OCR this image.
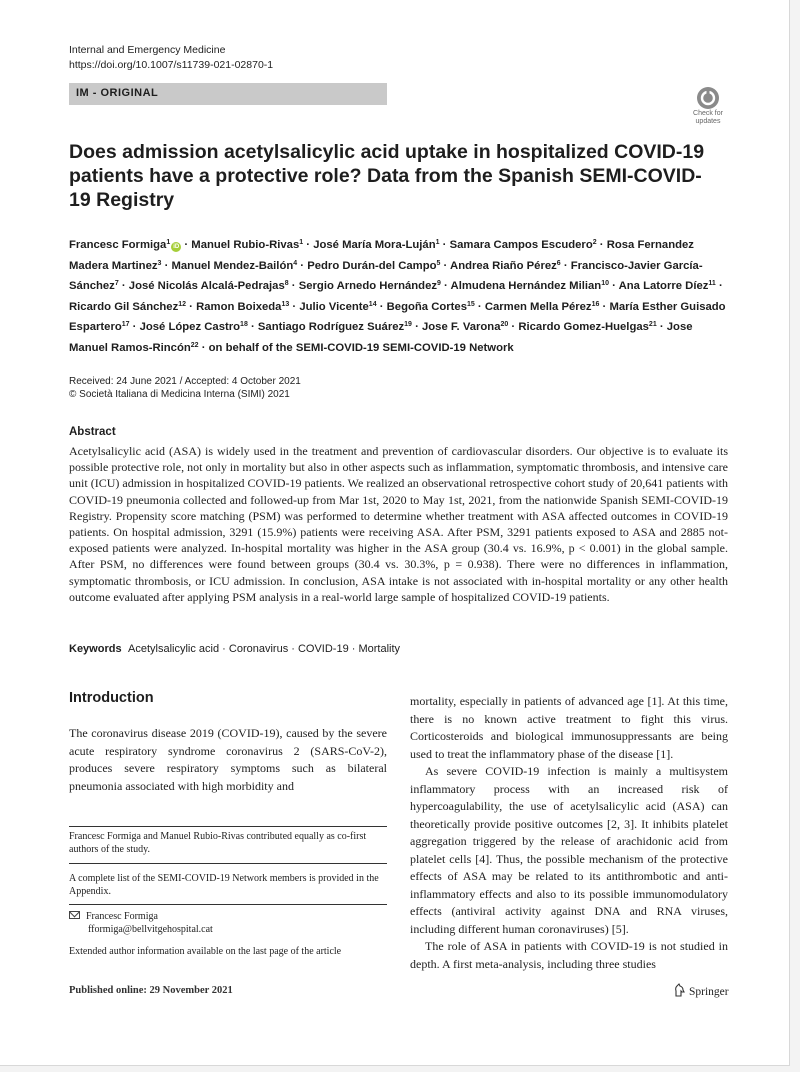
Internal and Emergency Medicine
https://doi.org/10.1007/s11739-021-02870-1
IM - ORIGINAL
Check for updates
Does admission acetylsalicylic acid uptake in hospitalized COVID-19 patients have a protective role? Data from the Spanish SEMI-COVID-19 Registry
Francesc Formiga$^1$iD · Manuel Rubio-Rivas$^1$ · José María Mora-Luján$^1$ · Samara Campos Escudero$^2$ · Rosa Fernandez Madera Martinez$^3$ · Manuel Mendez-Bailón$^4$ · Pedro Durán-del Campo$^5$ · Andrea Riaño Pérez$^6$ · Francisco-Javier García-Sánchez$^7$ · José Nicolás Alcalá-Pedrajas$^8$ · Sergio Arnedo Hernández$^9$ · Almudena Hernández Milian$^{10}$ · Ana Latorre Díez$^{11}$ · Ricardo Gil Sánchez$^{12}$ · Ramon Boixeda$^{13}$ · Julio Vicente$^{14}$ · Begoña Cortes$^{15}$ · Carmen Mella Pérez$^{16}$ · María Esther Guisado Espartero$^{17}$ · José López Castro$^{18}$ · Santiago Rodríguez Suárez$^{19}$ · Jose F. Varona$^{20}$ · Ricardo Gomez-Huelgas$^{21}$ · Jose Manuel Ramos-Rincón$^{22}$ · on behalf of the SEMI-COVID-19 SEMI-COVID-19 Network
Received: 24 June 2021 / Accepted: 4 October 2021
© Società Italiana di Medicina Interna (SIMI) 2021
Abstract

Acetylsalicylic acid (ASA) is widely used in the treatment and prevention of cardiovascular disorders. Our objective is to evaluate its possible protective role, not only in mortality but also in other aspects such as inflammation, symptomatic thrombosis, and intensive care unit (ICU) admission in hospitalized COVID-19 patients. We realized an observational retrospective cohort study of 20,641 patients with COVID-19 pneumonia collected and followed-up from Mar 1st, 2020 to May 1st, 2021, from the nationwide Spanish SEMI-COVID-19 Registry. Propensity score matching (PSM) was performed to determine whether treatment with ASA affected outcomes in COVID-19 patients. On hospital admission, 3291 (15.9%) patients were receiving ASA. After PSM, 3291 patients exposed to ASA and 2885 not-exposed patients were analyzed. In-hospital mortality was higher in the ASA group (30.4 vs. 16.9%, p < 0.001) in the global sample. After PSM, no differences were found between groups (30.4 vs. 30.3%, p = 0.938). There were no differences in inflammation, symptomatic thrombosis, or ICU admission. In conclusion, ASA intake is not associated with in-hospital mortality or any other health outcome evaluated after applying PSM analysis in a real-world large sample of hospitalized COVID-19 patients.

Keywords Acetylsalicylic acid · Coronavirus · COVID-19 · Mortality
Introduction

The coronavirus disease 2019 (COVID-19), caused by the severe acute respiratory syndrome coronavirus 2 (SARS-CoV-2), produces severe respiratory symptoms such as bilateral pneumonia associated with high morbidity and

mortality, especially in patients of advanced age [1]. At this time, there is no known active treatment to fight this virus. Corticosteroids and biological immunosuppressants are being used to treat the inflammatory phase of the disease [1].

As severe COVID-19 infection is mainly a multisystem inflammatory process with an increased risk of hypercoagulability, the use of acetylsalicylic acid (ASA) can theoretically provide positive outcomes [2, 3]. It inhibits platelet aggregation triggered by the release of arachidonic acid from platelet cells [4]. Thus, the possible mechanism of the protective effects of ASA may be related to its antithrombotic and anti-inflammatory effects and also to its possible immunomodulatory effects (antiviral activity against DNA and RNA viruses, including different human coronaviruses) [5].

The role of ASA in patients with COVID-19 is not studied in depth. A first meta-analysis, including three studies

Francesc Formiga and Manuel Rubio-Rivas contributed equally as co-first authors of the study.
A complete list of the SEMI-COVID-19 Network members is provided in the Appendix.
Francesc Formiga
fformiga@bellvitgehospital.cat
Extended author information available on the last page of the article
Published online: 29 November 2021	Springer
